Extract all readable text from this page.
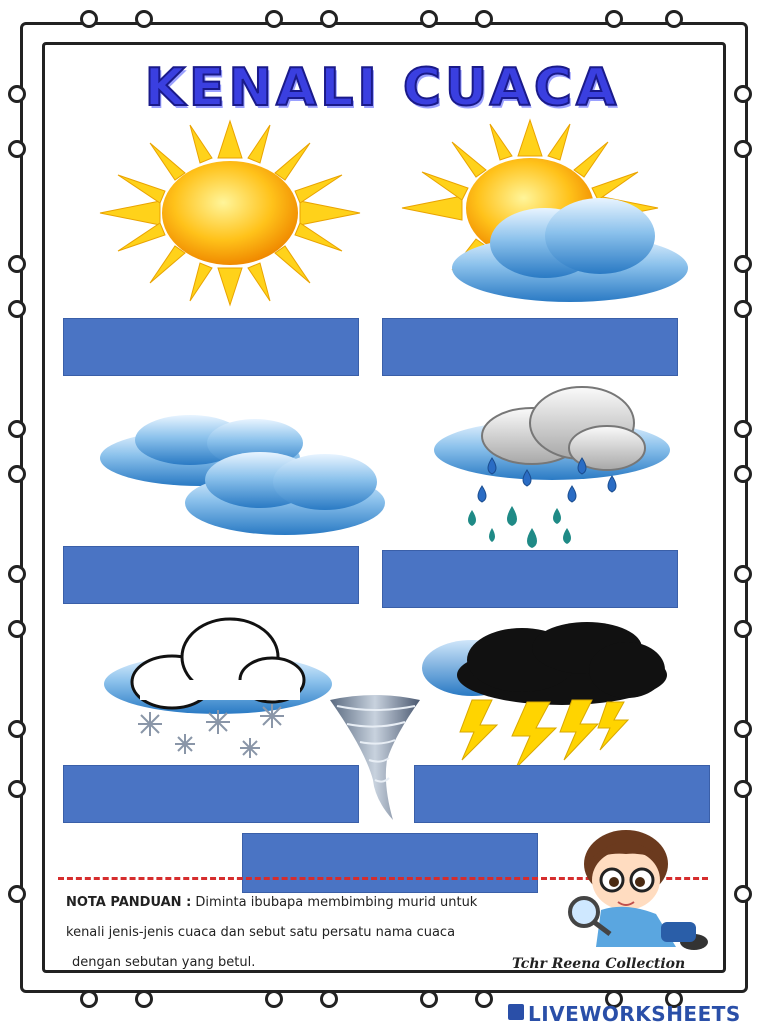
KENALI CUACA
NOTA PANDUAN : Diminta ibubapa membimbing murid untuk
kenali jenis-jenis cuaca dan sebut satu persatu nama cuaca
dengan sebutan yang betul.	Tchr Reena Collection
LIVEWORKSHEETS
